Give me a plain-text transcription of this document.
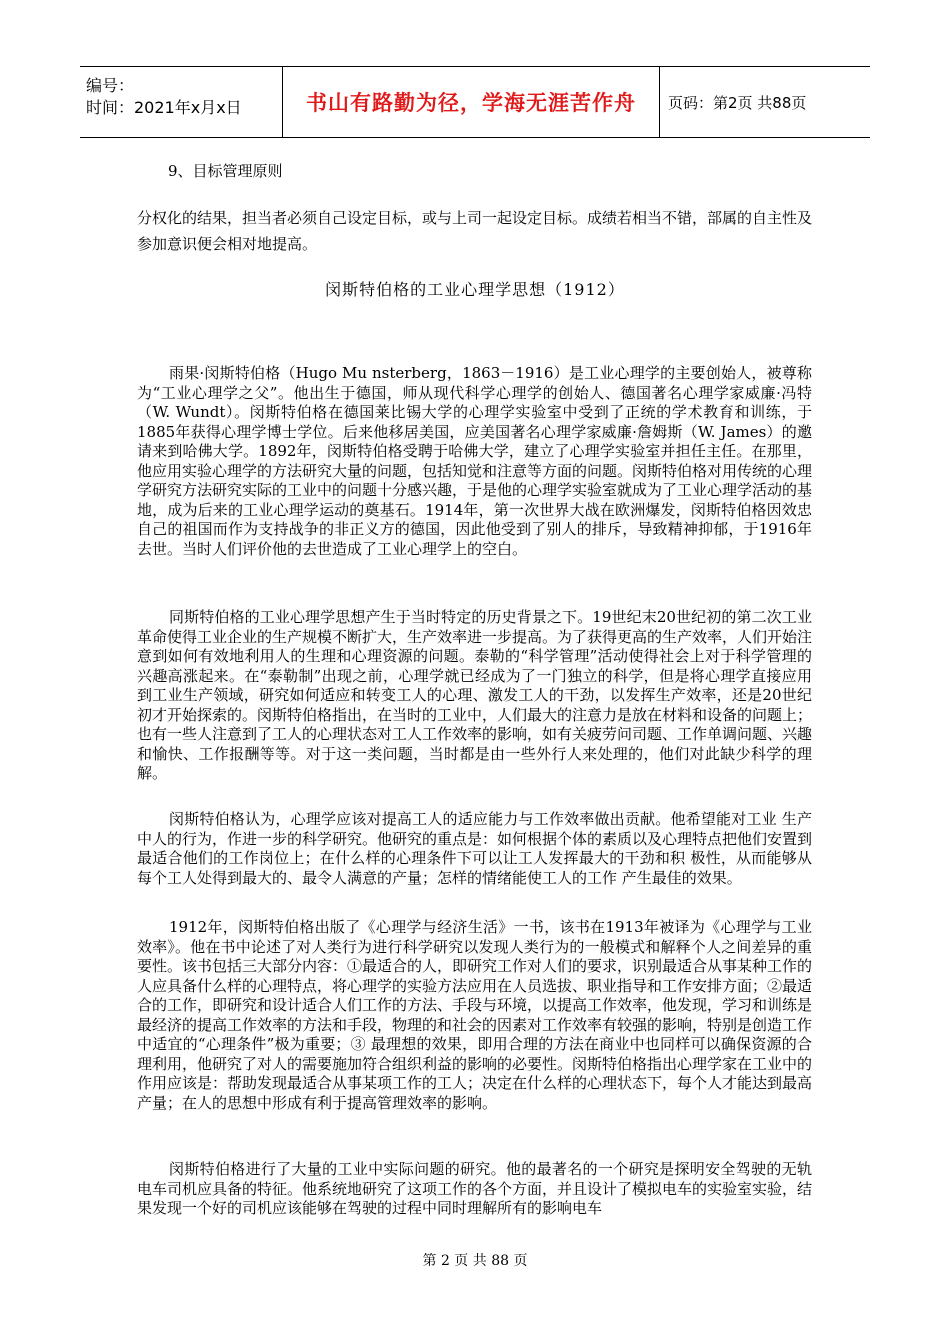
编号：
时间：2021年x月x日	书山有路勤为径，学海无涯苦作舟	页码：第2页 共88页
9、目标管理原则
分权化的结果，担当者必须自己设定目标，或与上司一起设定目标。成绩若相当不错，部属的自主性及参加意识便会相对地提高。
闵斯特伯格的工业心理学思想（1912）

雨果·闵斯特伯格（Hugo Mu nsterberg，1863－1916）是工业心理学的主要创始人，被尊称为“工业心理学之父”。他出生于德国，师从现代科学心理学的创始人、德国著名心理学家威廉·冯特（W. Wundt）。闵斯特伯格在德国莱比锡大学的心理学实验室中受到了正统的学术教育和训练，于1885年获得心理学博士学位。后来他移居美国，应美国著名心理学家威廉·詹姆斯（W. James）的邀请来到哈佛大学。1892年，闵斯特伯格受聘于哈佛大学，建立了心理学实验室并担任主任。在那里，他应用实验心理学的方法研究大量的问题，包括知觉和注意等方面的问题。闵斯特伯格对用传统的心理学研究方法研究实际的工业中的问题十分感兴趣，于是他的心理学实验室就成为了工业心理学活动的基地，成为后来的工业心理学运动的奠基石。1914年，第一次世界大战在欧洲爆发，闵斯特伯格因效忠自己的祖国而作为支持战争的非正义方的德国，因此他受到了别人的排斥，导致精神抑郁，于1916年去世。当时人们评价他的去世造成了工业心理学上的空白。

同斯特伯格的工业心理学思想产生于当时特定的历史背景之下。19世纪末20世纪初的第二次工业革命使得工业企业的生产规模不断扩大，生产效率进一步提高。为了获得更高的生产效率，人们开始注意到如何有效地利用人的生理和心理资源的问题。泰勒的“科学管理”活动使得社会上对于科学管理的兴趣高涨起来。在“泰勒制”出现之前，心理学就已经成为了一门独立的科学，但是将心理学直接应用到工业生产领域，研究如何适应和转变工人的心理、激发工人的干劲，以发挥生产效率，还是20世纪初才开始探索的。闵斯特伯格指出，在当时的工业中，人们最大的注意力是放在材料和设备的问题上；也有一些人注意到了工人的心理状态对工人工作效率的影响，如有关疲劳问司题、工作单调问题、兴趣和愉快、工作报酬等等。对于这一类问题，当时都是由一些外行人来处理的，他们对此缺少科学的理解。

闵斯特伯格认为，心理学应该对提高工人的适应能力与工作效率做出贡献。他希望能对工业 生产中人的行为，作进一步的科学研究。他研究的重点是：如何根据个体的素质以及心理特点把他们安置到最适合他们的工作岗位上；在什么样的心理条件下可以让工人发挥最大的干劲和积 极性，从而能够从每个工人处得到最大的、最令人满意的产量；怎样的情绪能使工人的工作 产生最佳的效果。

1912年，闵斯特伯格出版了《心理学与经济生活》一书，该书在1913年被译为《心理学与工业效率》。他在书中论述了对人类行为进行科学研究以发现人类行为的一般模式和解释个人之间差异的重要性。该书包括三大部分内容：①最适合的人，即研究工作对人们的要求，识别最适合从事某种工作的人应具备什么样的心理特点，将心理学的实验方法应用在人员选拔、职业指导和工作安排方面；②最适合的工作，即研究和设计适合人们工作的方法、手段与环境，以提高工作效率，他发现，学习和训练是最经济的提高工作效率的方法和手段，物理的和社会的因素对工作效率有较强的影响，特别是创造工作中适宜的“心理条件”极为重要；③ 最理想的效果，即用合理的方法在商业中也同样可以确保资源的合理利用，他研究了对人的需要施加符合组织利益的影响的必要性。闵斯特伯格指出心理学家在工业中的作用应该是：帮助发现最适合从事某项工作的工人；决定在什么样的心理状态下，每个人才能达到最高产量；在人的思想中形成有利于提高管理效率的影响。

闵斯特伯格进行了大量的工业中实际问题的研究。他的最著名的一个研究是探明安全驾驶的无轨电车司机应具备的特征。他系统地研究了这项工作的各个方面，并且设计了模拟电车的实验室实验，结果发现一个好的司机应该能够在驾驶的过程中同时理解所有的影响电车

第 2 页 共 88 页
